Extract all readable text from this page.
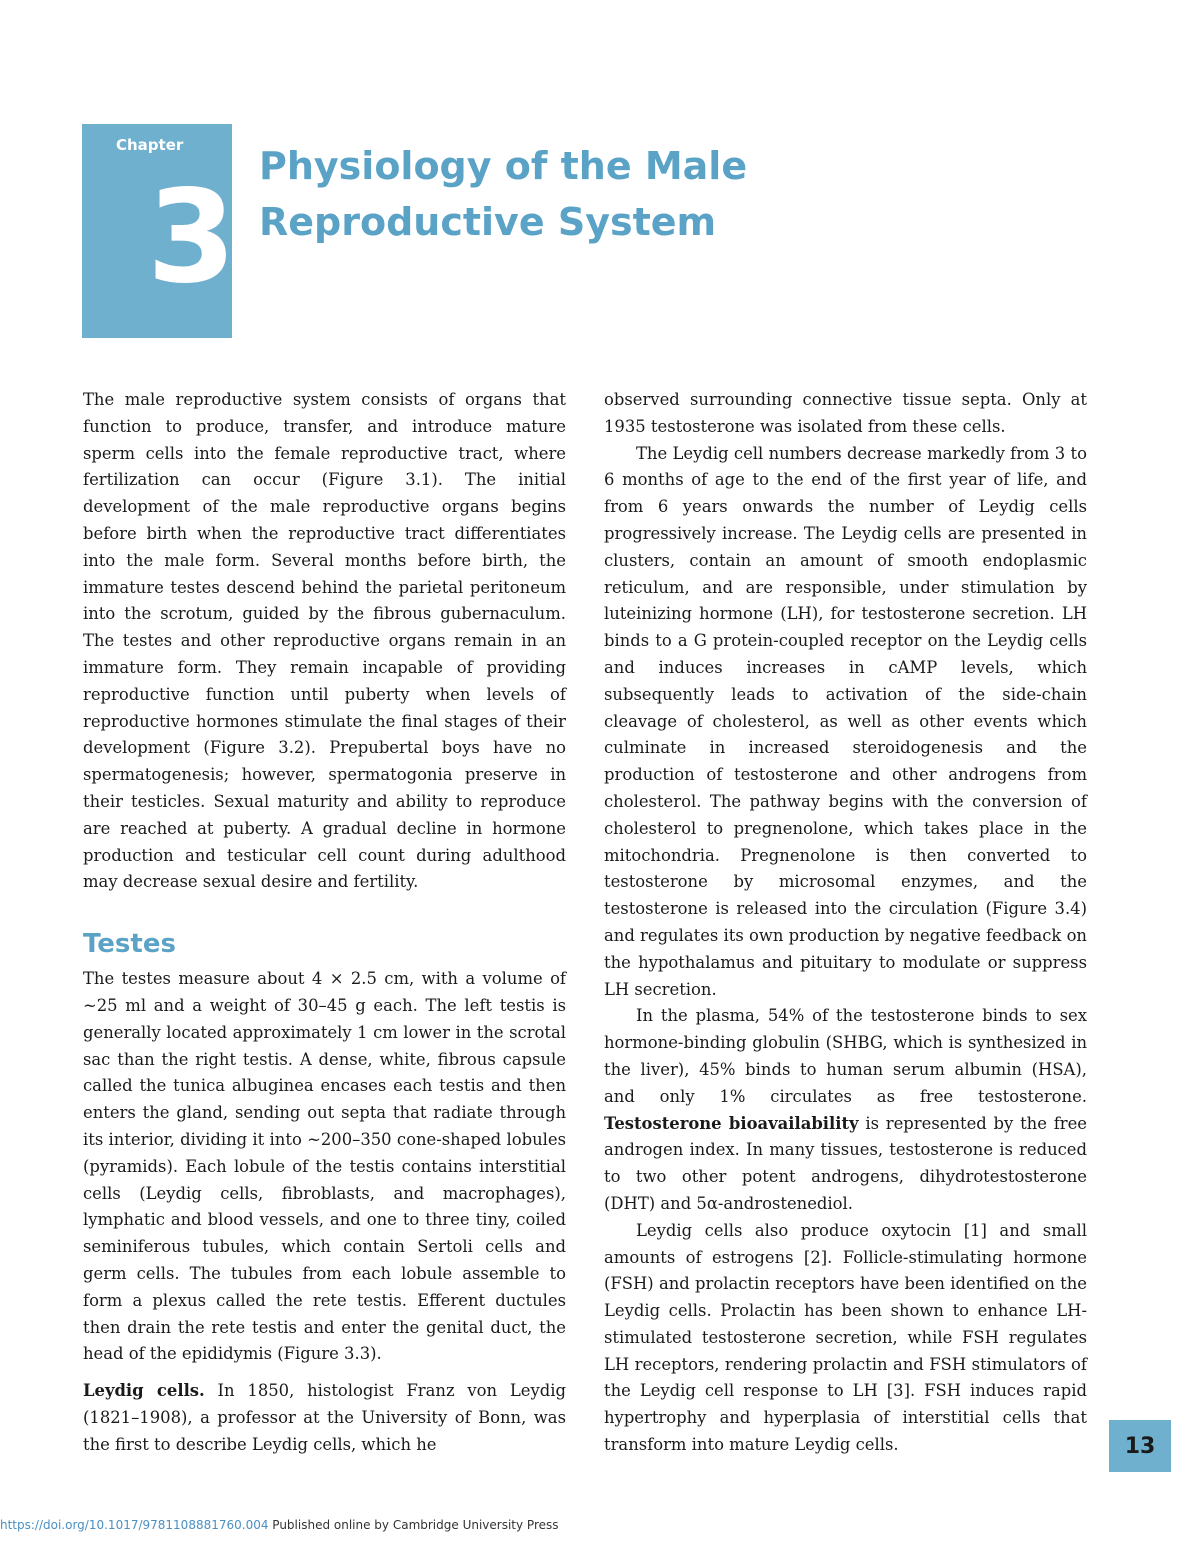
Chapter
3 Physiology of the Male
Reproductive System

The male reproductive system consists of organs that function to produce, transfer, and introduce mature sperm cells into the female reproductive tract, where fertilization can occur (Figure 3.1). The initial development of the male reproductive organs begins before birth when the reproductive tract differentiates into the male form. Several months before birth, the immature testes descend behind the parietal peritoneum into the scrotum, guided by the fibrous gubernaculum. The testes and other reproductive organs remain in an immature form. They remain incapable of providing reproductive function until puberty when levels of reproductive hormones stimulate the final stages of their development (Figure 3.2). Prepubertal boys have no spermatogenesis; however, spermatogonia preserve in their testicles. Sexual maturity and ability to reproduce are reached at puberty. A gradual decline in hormone production and testicular cell count during adulthood may decrease sexual desire and fertility.

Testes

The testes measure about 4 × 2.5 cm, with a volume of ~25 ml and a weight of 30–45 g each. The left testis is generally located approximately 1 cm lower in the scrotal sac than the right testis. A dense, white, fibrous capsule called the tunica albuginea encases each testis and then enters the gland, sending out septa that radiate through its interior, dividing it into ~200–350 cone-shaped lobules (pyramids). Each lobule of the testis contains interstitial cells (Leydig cells, fibroblasts, and macrophages), lymphatic and blood vessels, and one to three tiny, coiled seminiferous tubules, which contain Sertoli cells and germ cells. The tubules from each lobule assemble to form a plexus called the rete testis. Efferent ductules then drain the rete testis and enter the genital duct, the head of the epididymis (Figure 3.3).

Leydig cells. In 1850, histologist Franz von Leydig (1821–1908), a professor at the University of Bonn, was the first to describe Leydig cells, which he

observed surrounding connective tissue septa. Only at 1935 testosterone was isolated from these cells.

The Leydig cell numbers decrease markedly from 3 to 6 months of age to the end of the first year of life, and from 6 years onwards the number of Leydig cells progressively increase. The Leydig cells are presented in clusters, contain an amount of smooth endoplasmic reticulum, and are responsible, under stimulation by luteinizing hormone (LH), for testosterone secretion. LH binds to a G protein-coupled receptor on the Leydig cells and induces increases in cAMP levels, which subsequently leads to activation of the side-chain cleavage of cholesterol, as well as other events which culminate in increased steroidogenesis and the production of testosterone and other androgens from cholesterol. The pathway begins with the conversion of cholesterol to pregnenolone, which takes place in the mitochondria. Pregnenolone is then converted to testosterone by microsomal enzymes, and the testosterone is released into the circulation (Figure 3.4) and regulates its own production by negative feedback on the hypothalamus and pituitary to modulate or suppress LH secretion.

In the plasma, 54% of the testosterone binds to sex hormone-binding globulin (SHBG, which is synthesized in the liver), 45% binds to human serum albumin (HSA), and only 1% circulates as free testosterone. Testosterone bioavailability is represented by the free androgen index. In many tissues, testosterone is reduced to two other potent androgens, dihydrotestosterone (DHT) and 5α-androstenediol.

Leydig cells also produce oxytocin [1] and small amounts of estrogens [2]. Follicle-stimulating hormone (FSH) and prolactin receptors have been identified on the Leydig cells. Prolactin has been shown to enhance LH-stimulated testosterone secretion, while FSH regulates LH receptors, rendering prolactin and FSH stimulators of the Leydig cell response to LH [3]. FSH induces rapid hypertrophy and hyperplasia of interstitial cells that transform into mature Leydig cells.	13
https://doi.org/10.1017/9781108881760.004 Published online by Cambridge University Press
